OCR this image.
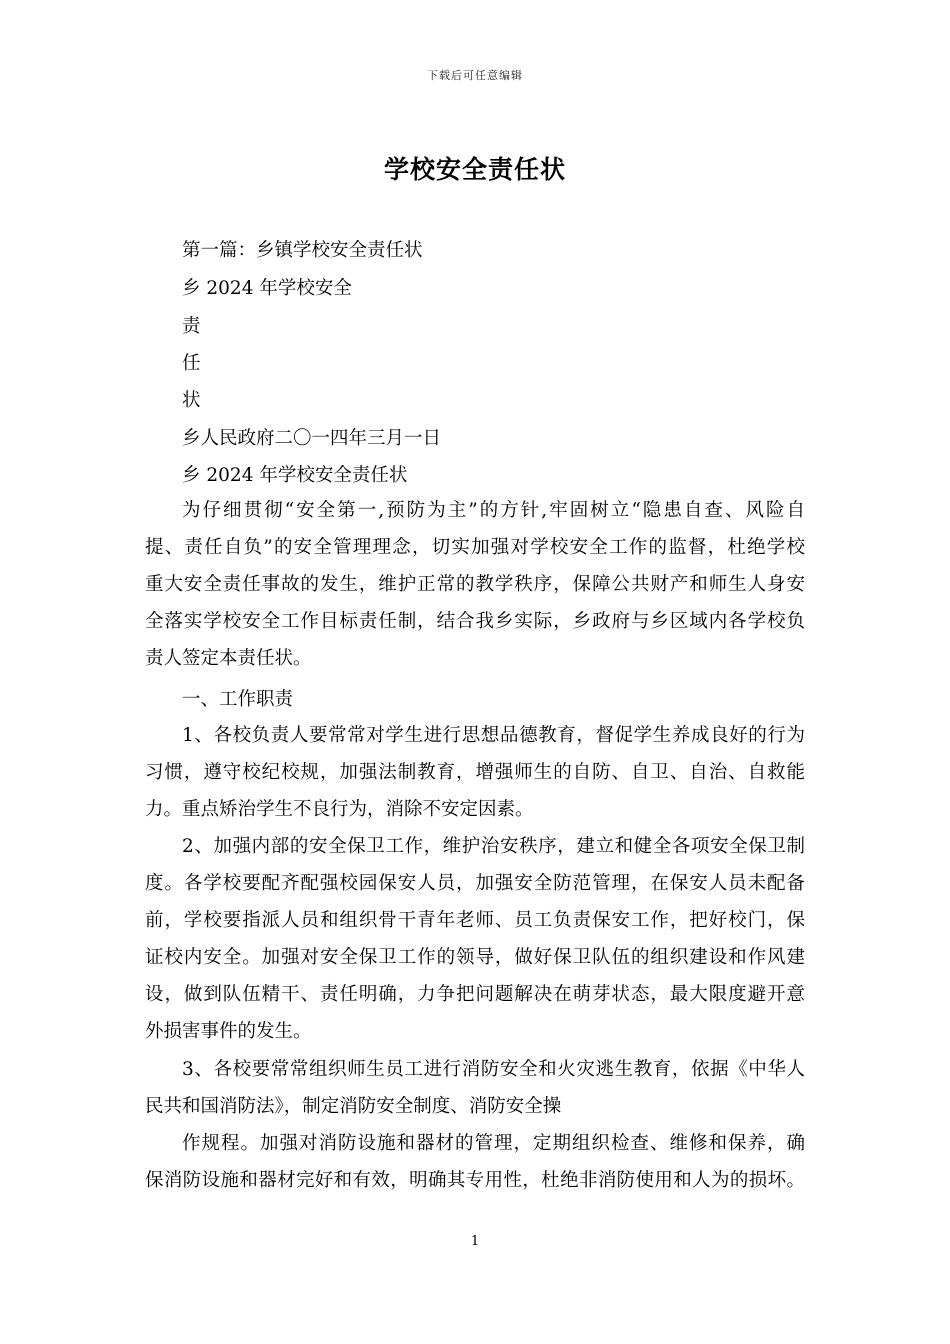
下载后可任意编辑
学校安全责任状
第一篇：乡镇学校安全责任状
乡 2024 年学校安全
责
任
状
乡人民政府二〇一四年三月一日
乡 2024 年学校安全责任状
为仔细贯彻“安全第一,预防为主”的方针,牢固树立“隐患自查、风险自
提、责任自负”的安全管理理念，切实加强对学校安全工作的监督，杜绝学校
重大安全责任事故的发生，维护正常的教学秩序，保障公共财产和师生人身安
全落实学校安全工作目标责任制，结合我乡实际，乡政府与乡区域内各学校负
责人签定本责任状。
一、工作职责
1、各校负责人要常常对学生进行思想品德教育，督促学生养成良好的行为
习惯，遵守校纪校规，加强法制教育，增强师生的自防、自卫、自治、自救能
力。重点矫治学生不良行为，消除不安定因素。
2、加强内部的安全保卫工作，维护治安秩序，建立和健全各项安全保卫制
度。各学校要配齐配强校园保安人员，加强安全防范管理，在保安人员未配备
前，学校要指派人员和组织骨干青年老师、员工负责保安工作，把好校门，保
证校内安全。加强对安全保卫工作的领导，做好保卫队伍的组织建设和作风建
设，做到队伍精干、责任明确，力争把问题解决在萌芽状态，最大限度避开意
外损害事件的发生。
3、各校要常常组织师生员工进行消防安全和火灾逃生教育，依据《中华人
民共和国消防法》，制定消防安全制度、消防安全操
作规程。加强对消防设施和器材的管理，定期组织检查、维修和保养，确
保消防设施和器材完好和有效，明确其专用性，杜绝非消防使用和人为的损坏。
1
